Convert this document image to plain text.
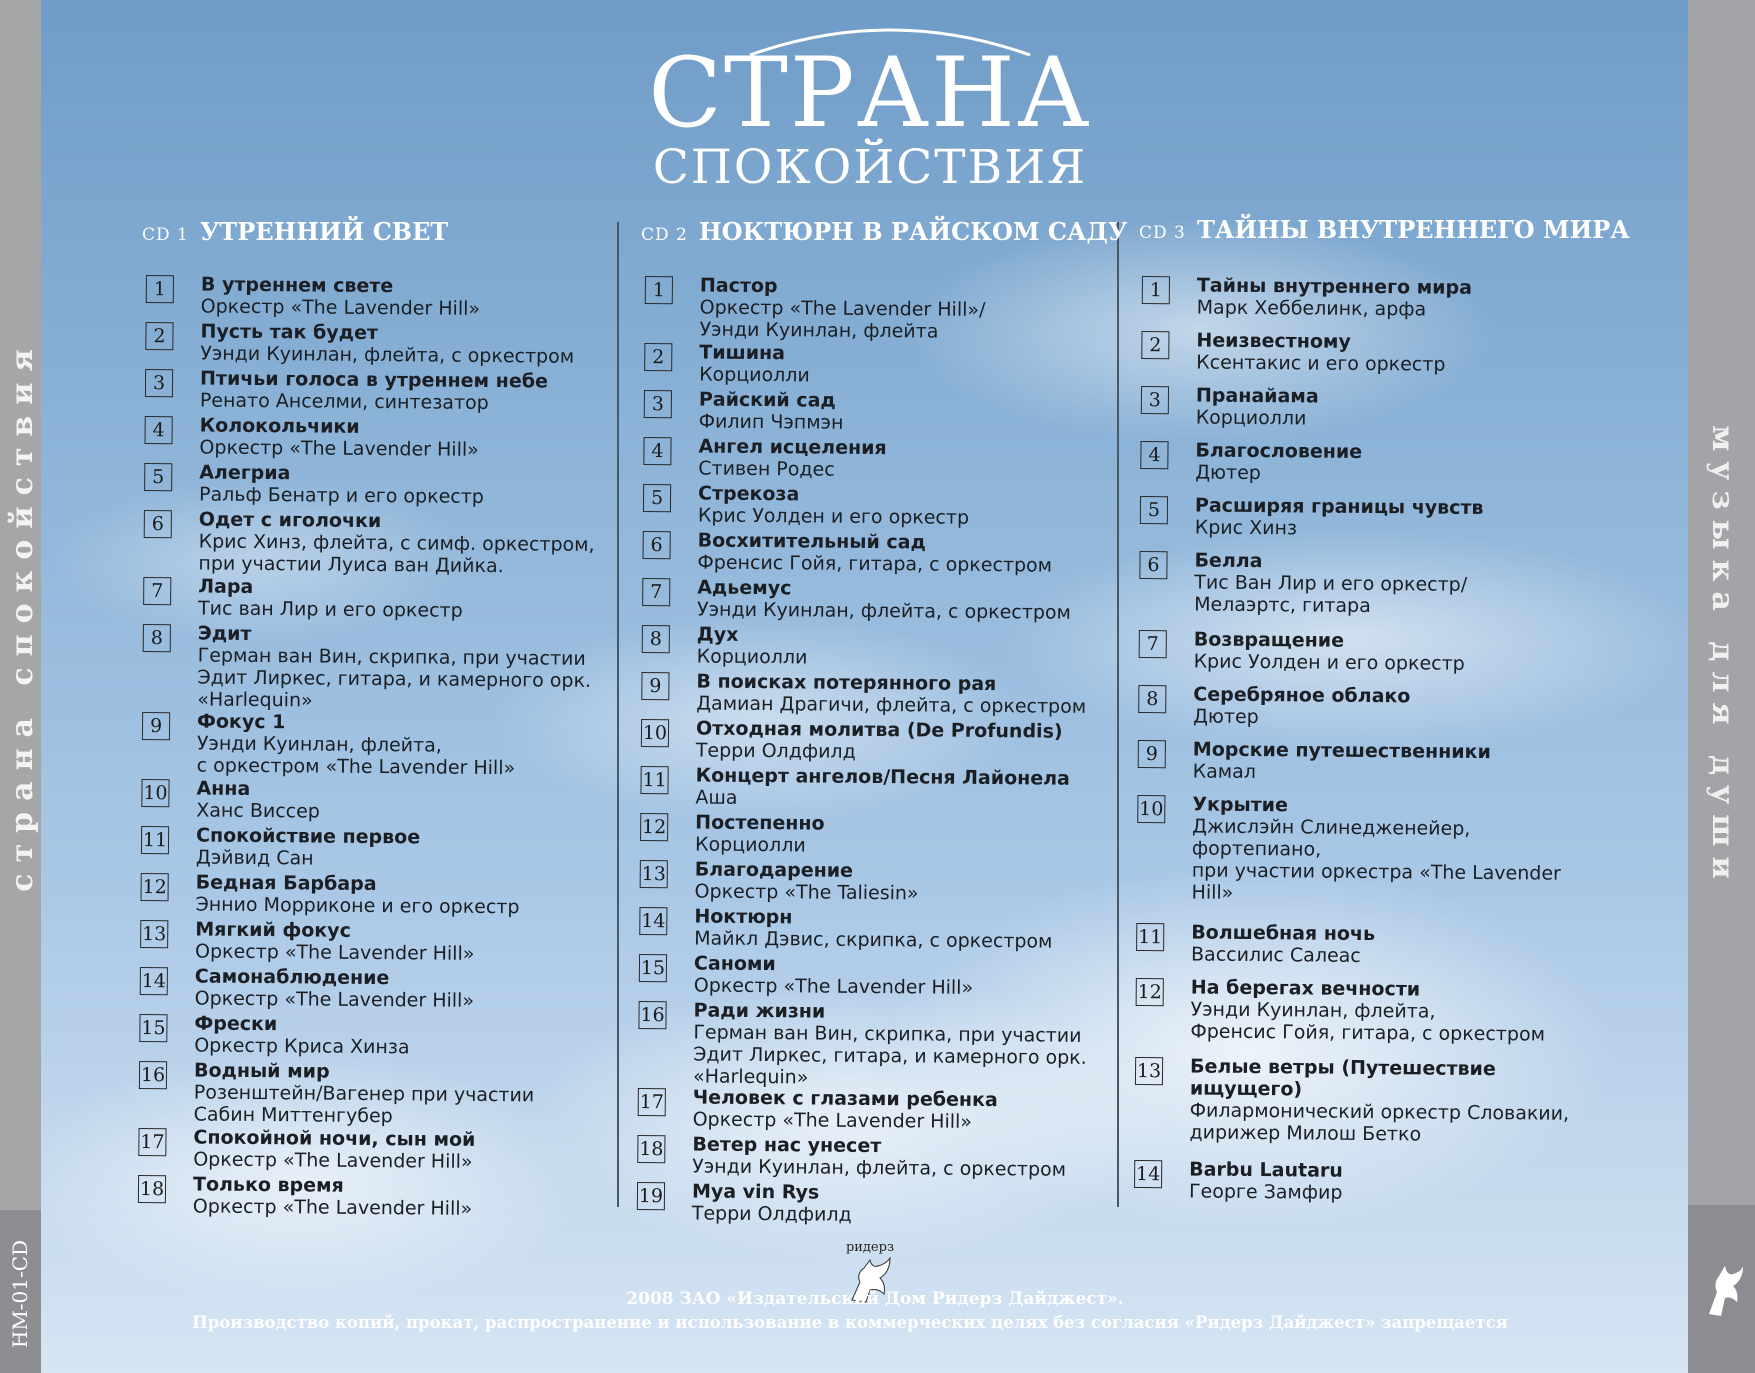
страна спокойствия
HM-01-CD
музыка для души
СТРАНА
СПОКОЙСТВИЯ
CD 1 УТРЕННИЙ СВЕТ
1	В утреннем свете
Оркестр «The Lavender Hill»
2	Пусть так будет
Уэнди Куинлан, флейта, с оркестром
3	Птичьи голоса в утреннем небе
Ренато Анселми, синтезатор
4	Колокольчики
Оркестр «The Lavender Hill»
5	Алегриа
Ральф Бенатр и его оркестр
6	Одет с иголочки
Крис Хинз, флейта, с симф. оркестром,
при участии Луиса ван Дийка.
7	Лара
Тис ван Лир и его оркестр
8	Эдит
Герман ван Вин, скрипка, при участии
Эдит Лиркес, гитара, и камерного орк.
«Harlequin»
9	Фокус 1
Уэнди Куинлан, флейта,
с оркестром «The Lavender Hill»
10 Анна
Ханс Виссер
11 Спокойствие первое
Дэйвид Сан
12 Бедная Барбара
Эннио Морриконе и его оркестр
13 Мягкий фокус
Оркестр «The Lavender Hill»
14 Самонаблюдение
Оркестр «The Lavender Hill»
15 Фрески
Оркестр Криса Хинза
16 Водный мир
Розенштейн/Вагенер при участии
Сабин Миттенгубер
17 Спокойной ночи, сын мой
Оркестр «The Lavender Hill»
18 Только время
Оркестр «The Lavender Hill»
CD 2 НОКТЮРН В РАЙСКОМ САДУ
1	Пастор
Оркестр «The Lavender Hill»/
Уэнди Куинлан, флейта
2	Тишина
Корциолли
3	Райский сад
Филип Чэпмэн
4	Ангел исцеления
Стивен Родес
5	Стрекоза
Крис Уолден и его оркестр
6	Восхитительный сад
Френсис Гойя, гитара, с оркестром
7	Адьемус
Уэнди Куинлан, флейта, с оркестром
8	Дух
Корциолли
9	В поисках потерянного рая
Дамиан Драгичи, флейта, с оркестром
10 Отходная молитва (De Profundis)
Терри Олдфилд
11 Концерт ангелов/Песня Лайонела
Аша
12 Постепенно
Корциолли
13 Благодарение
Оркестр «The Taliesin»
14 Ноктюрн
Майкл Дэвис, скрипка, с оркестром
15 Саноми
Оркестр «The Lavender Hill»
16 Ради жизни
Герман ван Вин, скрипка, при участии
Эдит Лиркес, гитара, и камерного орк.
«Harlequin»
17 Человек с глазами ребенка
Оркестр «The Lavender Hill»
18 Ветер нас унесет
Уэнди Куинлан, флейта, с оркестром
19 Mya vin Rys
Терри Олдфилд
CD 3 ТАЙНЫ ВНУТРЕННЕГО МИРА
1	Тайны внутреннего мира
Марк Хеббелинк, арфа
2	Неизвестному
Ксентакис и его оркестр
3	Пранайама
Корциолли
4	Благословение
Дютер
5	Расширяя границы чувств
Крис Хинз
6	Белла
Тис Ван Лир и его оркестр/
Мелаэртс, гитара
7	Возвращение
Крис Уолден и его оркестр
8	Серебряное облако
Дютер
9	Морские путешественники
Камал
10 Укрытие
Джислэйн Слинедженейер,
фортепиано,
при участии оркестра «The Lavender
Hill»
11 Волшебная ночь
Вассилис Салеас
12 На берегах вечности
Уэнди Куинлан, флейта,
Френсис Гойя, гитара, с оркестром
13 Белые ветры (Путешествие
ищущего)
Филармонический оркестр Словакии,
дирижер Милош Бетко
14 Barbu Lautaru
Георге Замфир
ридерз
2008 ЗАО «Издательский Дом Ридерз Дайджест».
Производство копий, прокат, распространение и использование в коммерческих целях без согласия «Ридерз Дайджест» запрещается
